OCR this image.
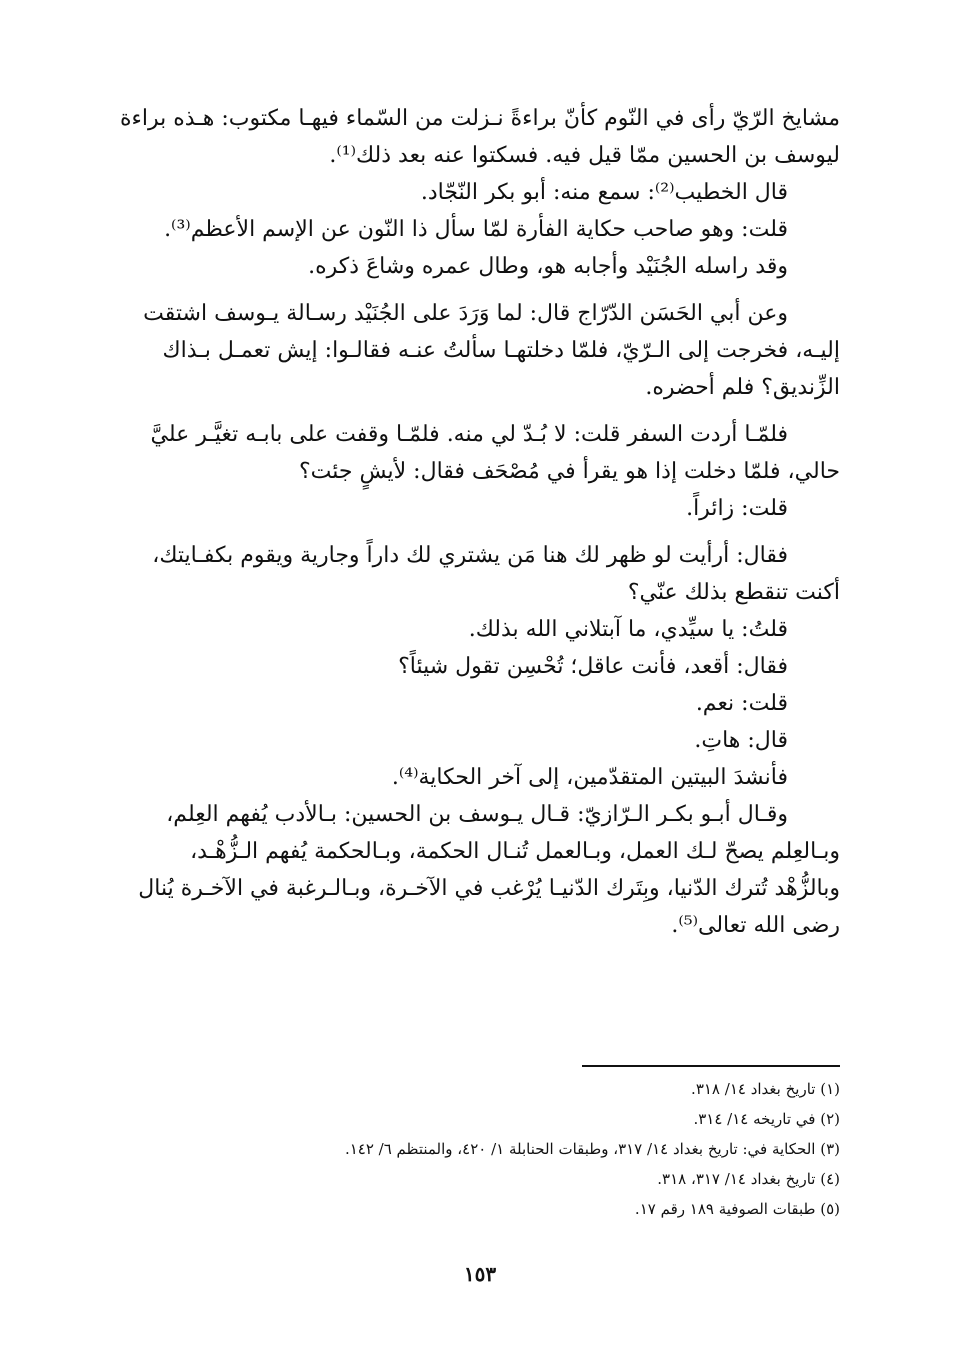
مشايخ الرّيّ رأى في النّوم كأنّ براءةً نـزلت من السّماء فيهـا مكتوب: هـذه براءة
ليوسف بن الحسين ممّا قيل فيه. فسكتوا عنه بعد ذلك⁽¹⁾.
قال الخطيب⁽²⁾: سمع منه: أبو بكر النّجّاد.
قلت: وهو صاحب حكاية الفأرة لمّا سأل ذا النّون عن الإسم الأعظم⁽³⁾.
وقد راسله الجُنَيْد وأجابه هو، وطال عمره وشاعَ ذكره.
وعن أبي الحَسَن الدّرّاج قال: لما وَرَدَ على الجُنَيْد رسـالة يـوسف اشتقت
إليـه، فخرجت إلى الـرّيّ، فلمّا دخلتهـا سألتُ عنـه فقالـوا: إيش تعمـل بـذاك
الزِّنديق؟ فلم أحضره.
فلمّـا أردت السفر قلت: لا بُـدّ لي منه. فلمّـا وقفت على بابـه تغيَّـر عليَّ
حالي، فلمّا دخلت إذا هو يقرأ في مُصْحَف فقال: لأيشٍ جئت؟
قلت: زائراً.
فقال: أرأيت لو ظهر لك هنا مَن يشتري لك داراً وجارية ويقوم بكفـايتك،
أكنت تنقطع بذلك عنّي؟
قلتُ: يا سيِّدي، ما آبتلاني الله بذلك.
فقال: أقعد، فأنت عاقل؛ تُحْسِن تقول شيئاً؟
قلت: نعم.
قال: هاتِ.
فأنشدَ البيتين المتقدّمين، إلى آخر الحكاية⁽⁴⁾.
وقـال أبـو بكـر الـرّازيّ: قـال يـوسف بن الحسين: بـالأدب يُفهم العِلم،
وبـالعِلم يصحّ لـك العمل، وبـالعمل تُنـال الحكمة، وبـالحكمة يُفهم الـزُّهْـد،
وبالزُّهْد تُترك الدّنيا، وبِتَرك الدّنيـا يُرْغب في الآخـرة، وبـالـرغبة في الآخـرة يُنال
رضى الله تعالى⁽⁵⁾.
(١) تاريخ بغداد ١٤/ ٣١٨.
(٢) في تاريخه ١٤/ ٣١٤.
(٣) الحكاية في: تاريخ بغداد ١٤/ ٣١٧، وطبقات الحنابلة ١/ ٤٢٠، والمنتظم ٦/ ١٤٢.
(٤) تاريخ بغداد ١٤/ ٣١٧، ٣١٨.
(٥) طبقات الصوفية ١٨٩ رقم ١٧.
١٥٣
